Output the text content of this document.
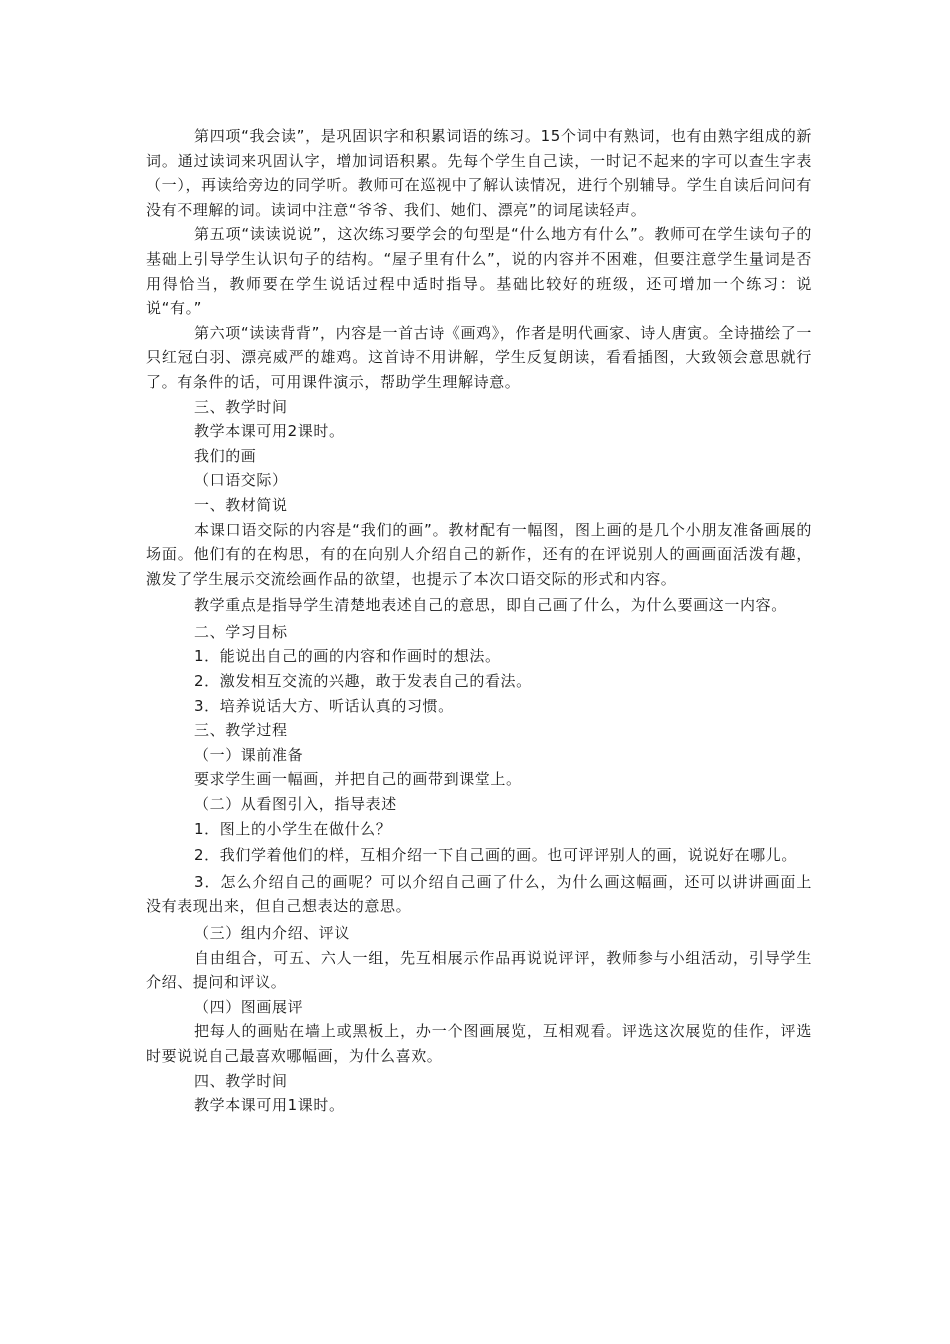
第四项“我会读”，是巩固识字和积累词语的练习。15个词中有熟词，也有由熟字组成的新词。通过读词来巩固认字，增加词语积累。先每个学生自己读，一时记不起来的字可以查生字表（一），再读给旁边的同学听。教师可在巡视中了解认读情况，进行个别辅导。学生自读后问问有没有不理解的词。读词中注意“爷爷、我们、她们、漂亮”的词尾读轻声。

第五项“读读说说”，这次练习要学会的句型是“什么地方有什么”。教师可在学生读句子的基础上引导学生认识句子的结构。“屋子里有什么”，说的内容并不困难，但要注意学生量词是否用得恰当，教师要在学生说话过程中适时指导。基础比较好的班级，还可增加一个练习：说说“有。”

第六项“读读背背”，内容是一首古诗《画鸡》，作者是明代画家、诗人唐寅。全诗描绘了一只红冠白羽、漂亮威严的雄鸡。这首诗不用讲解，学生反复朗读，看看插图，大致领会意思就行了。有条件的话，可用课件演示，帮助学生理解诗意。

三、教学时间

教学本课可用2课时。

我们的画

（口语交际）

一、教材简说

本课口语交际的内容是“我们的画”。教材配有一幅图，图上画的是几个小朋友准备画展的场面。他们有的在构思，有的在向别人介绍自己的新作，还有的在评说别人的画画面活泼有趣，激发了学生展示交流绘画作品的欲望，也提示了本次口语交际的形式和内容。

教学重点是指导学生清楚地表述自己的意思，即自己画了什么，为什么要画这一内容。

二、学习目标

1．能说出自己的画的内容和作画时的想法。

2．激发相互交流的兴趣，敢于发表自己的看法。

3．培养说话大方、听话认真的习惯。

三、教学过程

（一）课前准备

要求学生画一幅画，并把自己的画带到课堂上。

（二）从看图引入，指导表述

1．图上的小学生在做什么？

2．我们学着他们的样，互相介绍一下自己画的画。也可评评别人的画，说说好在哪儿。

3．怎么介绍自己的画呢？可以介绍自己画了什么，为什么画这幅画，还可以讲讲画面上没有表现出来，但自己想表达的意思。

（三）组内介绍、评议

自由组合，可五、六人一组，先互相展示作品再说说评评，教师参与小组活动，引导学生介绍、提问和评议。

（四）图画展评

把每人的画贴在墙上或黑板上，办一个图画展览，互相观看。评选这次展览的佳作，评选时要说说自己最喜欢哪幅画，为什么喜欢。

四、教学时间

教学本课可用1课时。
